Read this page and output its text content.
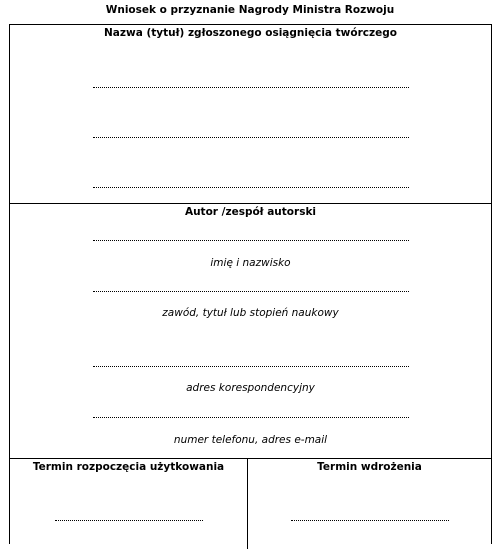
Wniosek o przyznanie Nagrody Ministra Rozwoju
Nazwa (tytuł) zgłoszonego osiągnięcia twórczego
Autor /zespół autorski
imię i nazwisko
zawód, tytuł lub stopień naukowy
adres korespondencyjny
numer telefonu, adres e-mail
Termin rozpoczęcia użytkowania	Termin wdrożenia
